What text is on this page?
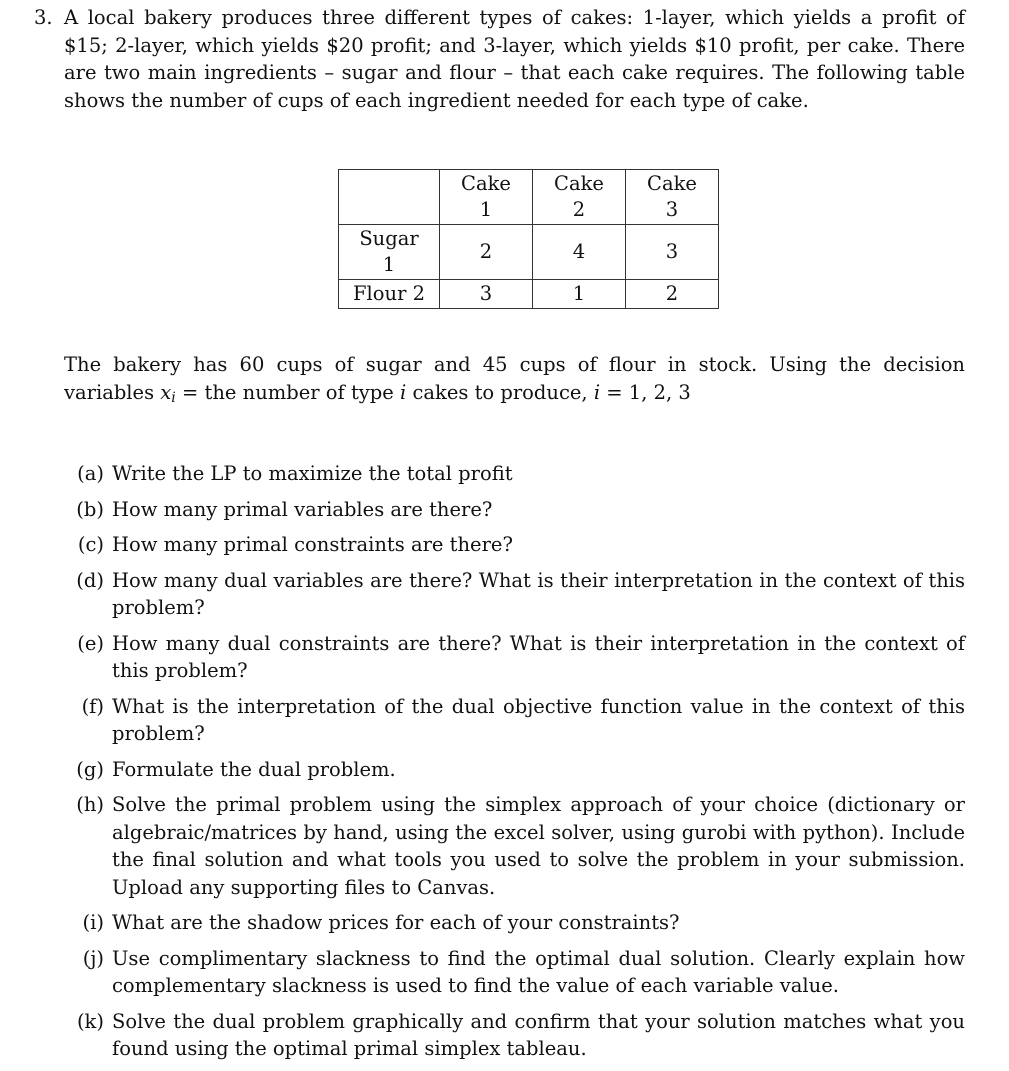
3. A local bakery produces three different types of cakes: 1-layer, which yields a profit of $15; 2-layer, which yields $20 profit; and 3-layer, which yields $10 profit, per cake. There are two main ingredients – sugar and flour – that each cake requires. The following table shows the number of cups of each ingredient needed for each type of cake.

	Cake 1	Cake 2	Cake 3
Sugar 1	2	4	3
Flour 2	3	1	2

The bakery has 60 cups of sugar and 45 cups of flour in stock. Using the decision variables $x_i$ = the number of type i cakes to produce, i = 1, 2, 3

(a) Write the LP to maximize the total profit
(b) How many primal variables are there?
(c) How many primal constraints are there?
(d) How many dual variables are there? What is their interpretation in the context of this problem?
(e) How many dual constraints are there? What is their interpretation in the context of this problem?
(f) What is the interpretation of the dual objective function value in the context of this problem?
(g) Formulate the dual problem.
(h) Solve the primal problem using the simplex approach of your choice (dictionary or algebraic/matrices by hand, using the excel solver, using gurobi with python). Include the final solution and what tools you used to solve the problem in your submission. Upload any supporting files to Canvas.
(i) What are the shadow prices for each of your constraints?
(j) Use complimentary slackness to find the optimal dual solution. Clearly explain how complementary slackness is used to find the value of each variable value.
(k) Solve the dual problem graphically and confirm that your solution matches what you found using the optimal primal simplex tableau.
